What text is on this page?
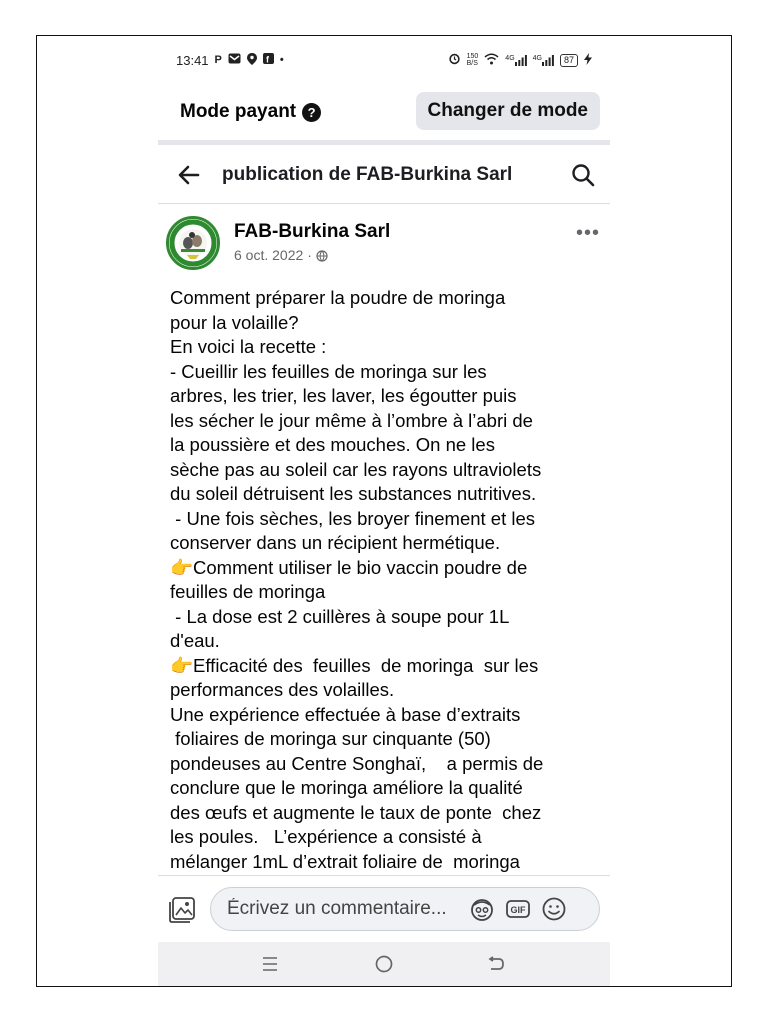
13:41 P	f •	150
B/S
4G	4G	87
Mode payant ?	Changer de mode
publication de FAB-Burkina Sarl
FAB-Burkina Sarl
6 oct. 2022 ·
•••
Comment préparer la poudre de moringa
pour la volaille?
En voici la recette :
- Cueillir les feuilles de moringa sur les
arbres, les trier, les laver, les égoutter puis
les sécher le jour même à l’ombre à l’abri de
la poussière et des mouches. On ne les
sèche pas au soleil car les rayons ultraviolets
du soleil détruisent les substances nutritives.
- Une fois sèches, les broyer finement et les
conserver dans un récipient hermétique.
👉Comment utiliser le bio vaccin poudre de
feuilles de moringa
- La dose est 2 cuillères à soupe pour 1L
d'eau.
👉Efficacité des  feuilles  de moringa  sur les
performances des volailles.
Une expérience effectuée à base d’extraits
foliaires de moringa sur cinquante (50)
pondeuses au Centre Songhaï,    a permis de
conclure que le moringa améliore la qualité
des œufs et augmente le taux de ponte  chez
les poules.   L’expérience a consisté à
mélanger 1mL d’extrait foliaire de  moringa
Écrivez un commentaire...
GIF
